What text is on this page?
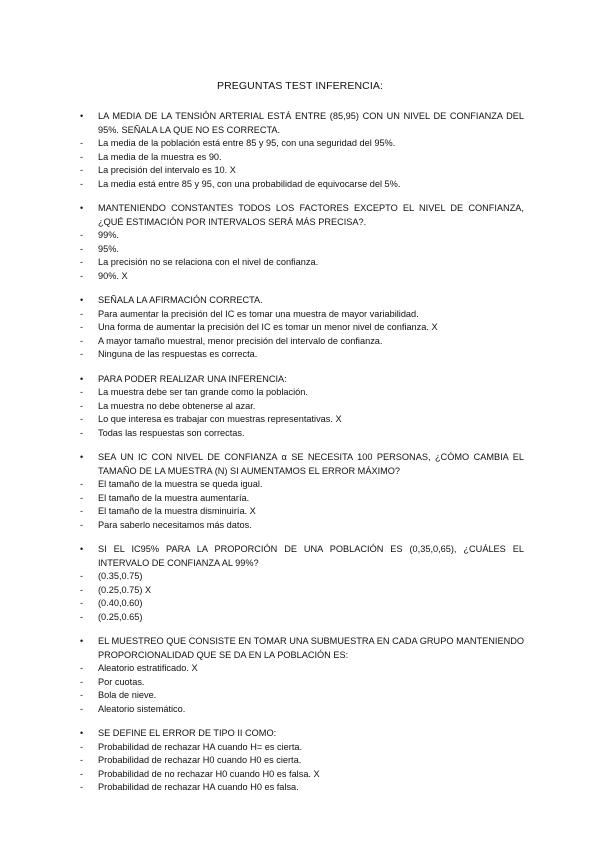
PREGUNTAS TEST INFERENCIA:
• LA MEDIA DE LA TENSIÓN ARTERIAL ESTÁ ENTRE (85,95) CON UN NIVEL DE CONFIANZA DEL 95%. SEÑALA LA QUE NO ES CORRECTA.
- La media de la población está entre 85 y 95, con una seguridad del 95%.
- La media de la muestra es 90.
- La precisión del intervalo es 10. X
- La media está entre 85 y 95, con una probabilidad de equivocarse del 5%.
• MANTENIENDO CONSTANTES TODOS LOS FACTORES EXCEPTO EL NIVEL DE CONFIANZA, ¿QUÉ ESTIMACIÓN POR INTERVALOS SERÁ MÁS PRECISA?.
- 99%.
- 95%.
- La precisión no se relaciona con el nivel de confianza.
- 90%. X
• SEÑALA LA AFIRMACIÓN CORRECTA.
- Para aumentar la precisión del IC es tomar una muestra de mayor variabilidad.
- Una forma de aumentar la precisión del IC es tomar un menor nivel de confianza. X
- A mayor tamaño muestral, menor precisión del intervalo de confianza.
- Ninguna de las respuestas es correcta.
• PARA PODER REALIZAR UNA INFERENCIA:
- La muestra debe ser tan grande como la población.
- La muestra no debe obtenerse al azar.
- Lo que interesa es trabajar con muestras representativas. X
- Todas las respuestas son correctas.
• SEA UN IC CON NIVEL DE CONFIANZA α SE NECESITA 100 PERSONAS, ¿CÓMO CAMBIA EL TAMAÑO DE LA MUESTRA (N) SI AUMENTAMOS EL ERROR MÁXIMO?
- El tamaño de la muestra se queda igual.
- El tamaño de la muestra aumentaría.
- El tamaño de la muestra disminuiría. X
- Para saberlo necesitamos más datos.
• SI EL IC95% PARA LA PROPORCIÓN DE UNA POBLACIÓN ES (0,35,0,65), ¿CUÁLES EL INTERVALO DE CONFIANZA AL 99%?
- (0.35,0.75)
- (0.25,0.75) X
- (0.40,0.60)
- (0.25,0.65)
• EL MUESTREO QUE CONSISTE EN TOMAR UNA SUBMUESTRA EN CADA GRUPO MANTENIENDO PROPORCIONALIDAD QUE SE DA EN LA POBLACIÓN ES:
- Aleatorio estratificado. X
- Por cuotas.
- Bola de nieve.
- Aleatorio sistemático.
• SE DEFINE EL ERROR DE TIPO II COMO:
- Probabilidad de rechazar HA cuando H= es cierta.
- Probabilidad de rechazar H0 cuando H0 es cierta.
- Probabilidad de no rechazar H0 cuando H0 es falsa. X
- Probabilidad de rechazar HA cuando H0 es falsa.
